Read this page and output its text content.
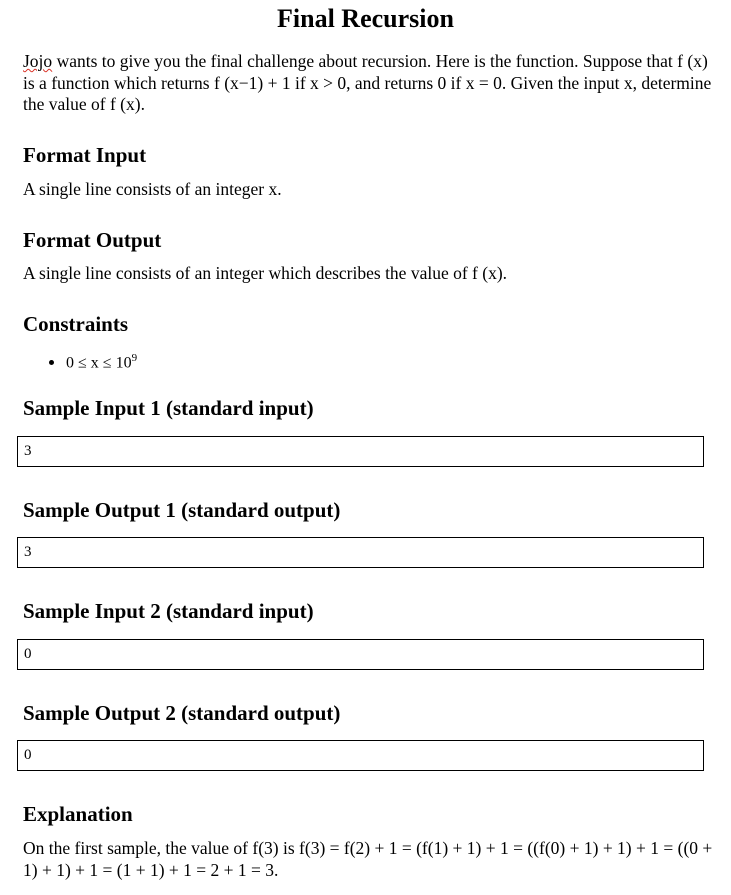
Final Recursion

Jojo wants to give you the final challenge about recursion. Here is the function. Suppose that f (x) is a function which returns f (x−1) + 1 if x > 0, and returns 0 if x = 0. Given the input x, determine the value of f (x).

Format Input

A single line consists of an integer x.

Format Output

A single line consists of an integer which describes the value of f (x).

Constraints

$0 \le x \le 10^9$

Sample Input 1 (standard input)
3
Sample Output 1 (standard output)
3
Sample Input 2 (standard input)
0
Sample Output 2 (standard output)
0
Explanation

On the first sample, the value of f(3) is f(3) = f(2) + 1 = (f(1) + 1) + 1 = ((f(0) + 1) + 1) + 1 = ((0 + 1) + 1) + 1 = (1 + 1) + 1 = 2 + 1 = 3.
